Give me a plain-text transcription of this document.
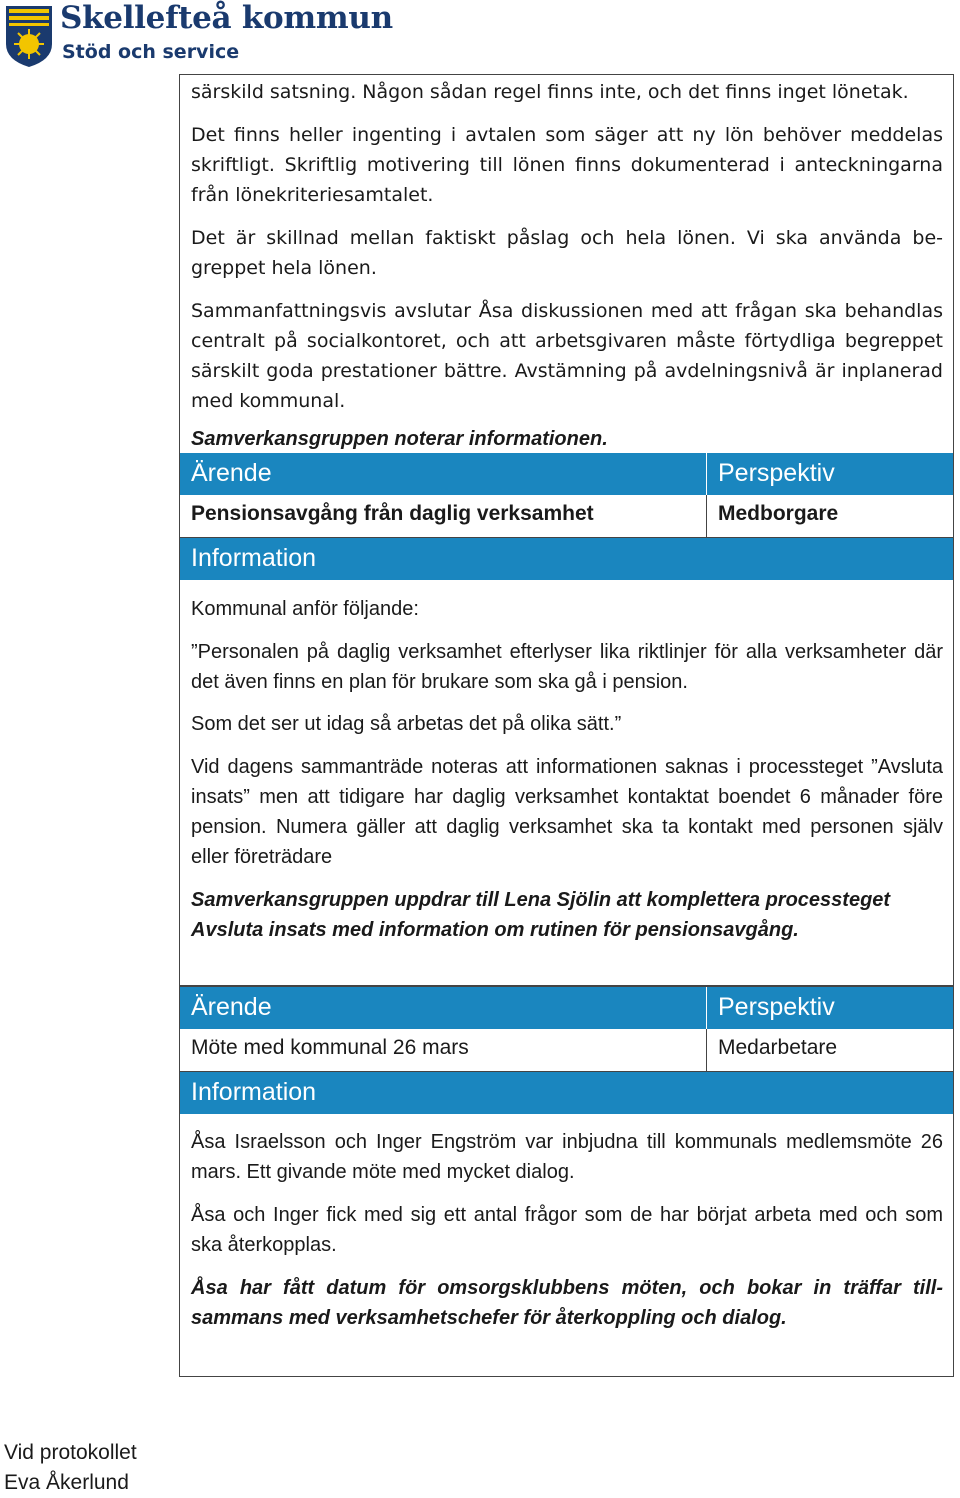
Skellefteå kommun
Stöd och service

särskild satsning. Någon sådan regel finns inte, och det finns inget lönetak.

Det finns heller ingenting i avtalen som säger att ny lön behöver meddelas skriftligt. Skriftlig motivering till lönen finns dokumenterad i anteckningarna från lönekriteriesamtalet.

Det är skillnad mellan faktiskt påslag och hela lönen. Vi ska använda begreppet hela lönen.

Sammanfattningsvis avslutar Åsa diskussionen med att frågan ska behandlas centralt på socialkontoret, och att arbetsgivaren måste förtydliga begreppet särskilt goda prestationer bättre. Avstämning på avdelningsnivå är inplanerad med kommunal.

Samverkansgruppen noterar informationen.

Ärende	Perspektiv
Pensionsavgång från daglig verksamhet	Medborgare
Information

Kommunal anför följande:

”Personalen på daglig verksamhet efterlyser lika riktlinjer för alla verksamheter där det även finns en plan för brukare som ska gå i pension.

Som det ser ut idag så arbetas det på olika sätt.”

Vid dagens sammanträde noteras att informationen saknas i processteget ”Avsluta insats” men att tidigare har daglig verksamhet kontaktat boendet 6 månader före pension. Numera gäller att daglig verksamhet ska ta kontakt med personen själv eller företrädare

Samverkansgruppen uppdrar till Lena Sjölin att komplettera processteget Avsluta insats med information om rutinen för pensionsavgång.

Ärende	Perspektiv
Möte med kommunal 26 mars	Medarbetare
Information

Åsa Israelsson och Inger Engström var inbjudna till kommunals medlemsmöte 26 mars. Ett givande möte med mycket dialog.

Åsa och Inger fick med sig ett antal frågor som de har börjat arbeta med och som ska återkopplas.

Åsa har fått datum för omsorgsklubbens möten, och bokar in träffar tillsammans med verksamhetschefer för återkoppling och dialog.

Vid protokollet
Eva Åkerlund
